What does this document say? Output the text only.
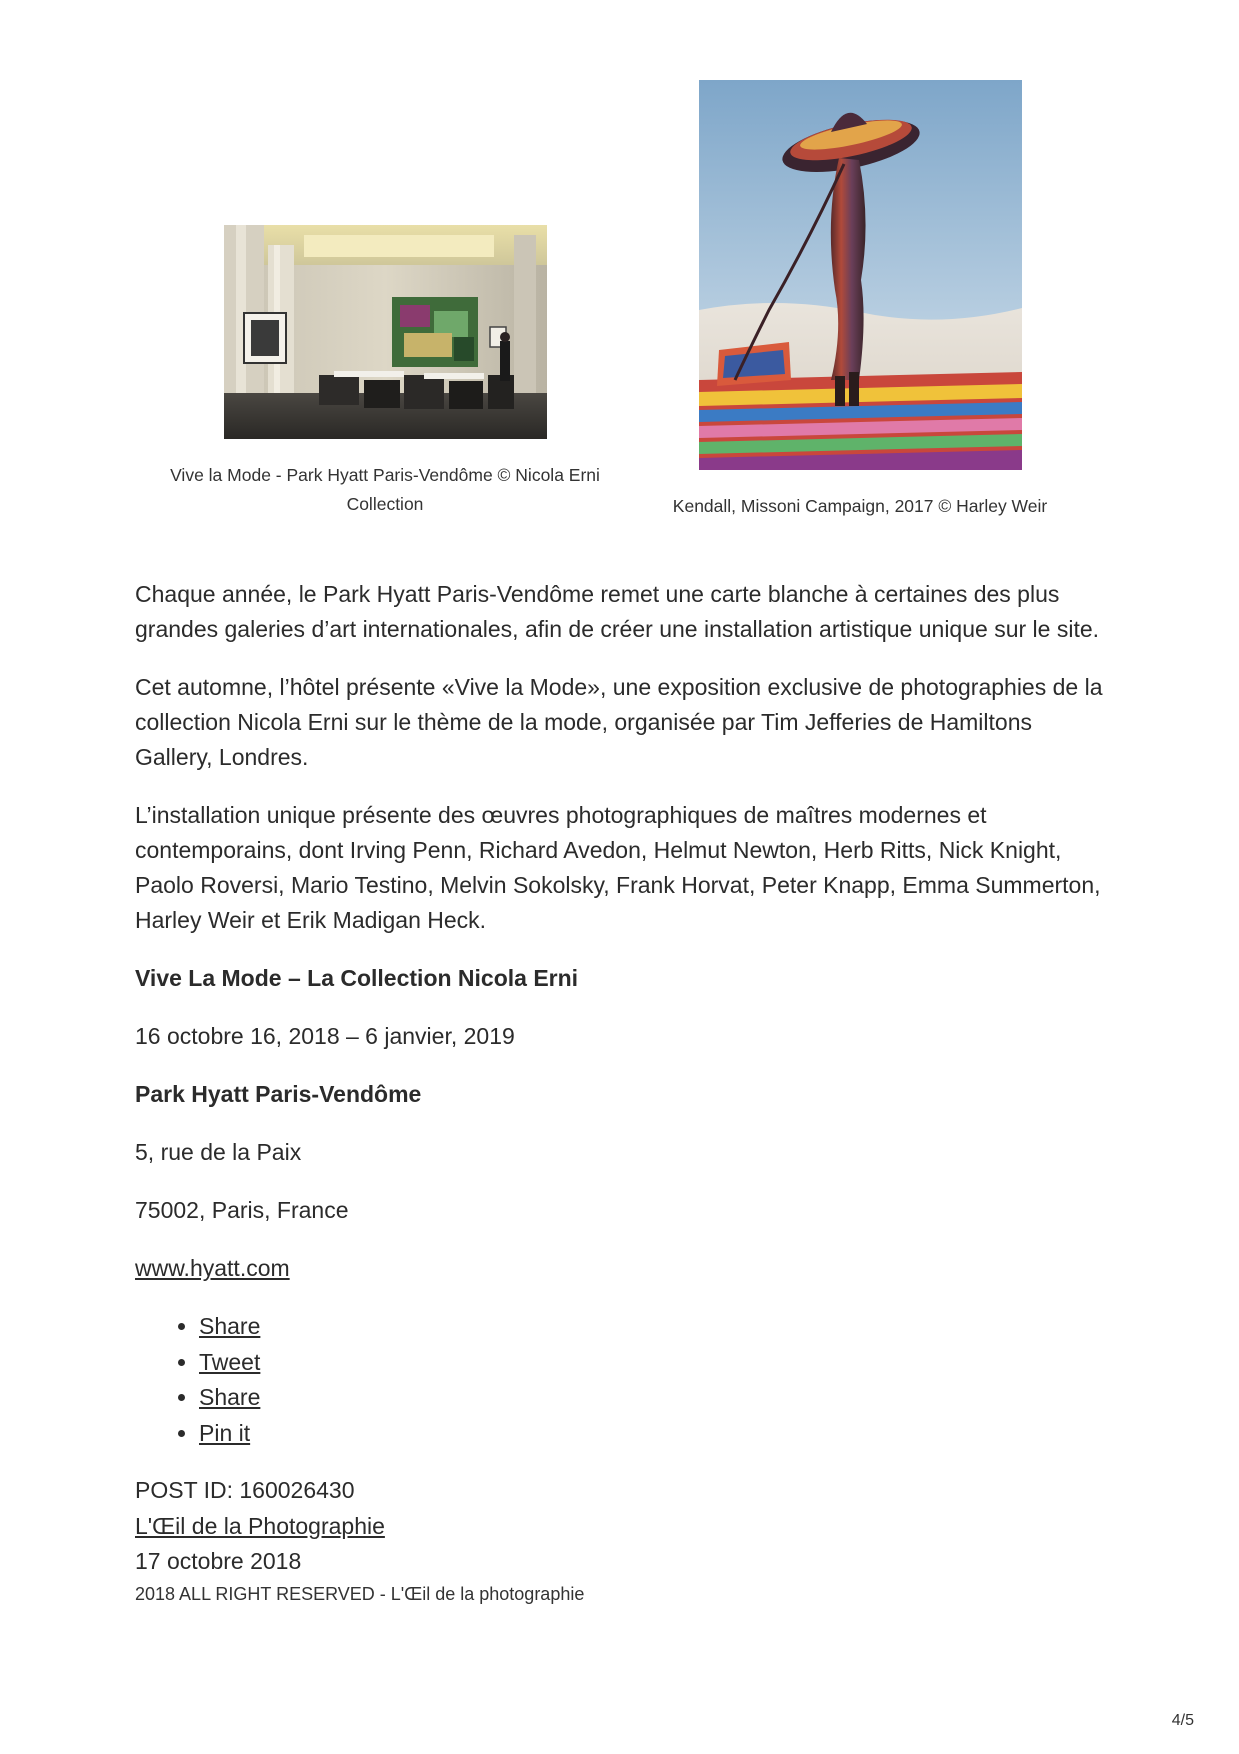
Vive la Mode - Park Hyatt Paris-Vendôme © Nicola Erni Collection	Kendall, Missoni Campaign, 2017 © Harley Weir

Chaque année, le Park Hyatt Paris-Vendôme remet une carte blanche à certaines des plus grandes galeries d’art internationales, afin de créer une installation artistique unique sur le site.

Cet automne, l’hôtel présente «Vive la Mode», une exposition exclusive de photographies de la collection Nicola Erni sur le thème de la mode, organisée par Tim Jefferies de Hamiltons Gallery, Londres.

L’installation unique présente des œuvres photographiques de maîtres modernes et contemporains, dont Irving Penn, Richard Avedon, Helmut Newton, Herb Ritts, Nick Knight, Paolo Roversi, Mario Testino, Melvin Sokolsky, Frank Horvat, Peter Knapp, Emma Summerton, Harley Weir et Erik Madigan Heck.

Vive La Mode – La Collection Nicola Erni

16 octobre 16, 2018 – 6 janvier, 2019

Park Hyatt Paris-Vendôme

5, rue de la Paix

75002, Paris, France

www.hyatt.com

• Share
• Tweet
• Share
• Pin it
POST ID: 160026430
L'Œil de la Photographie
17 octobre 2018
2018 ALL RIGHT RESERVED - L'Œil de la photographie
4/5
